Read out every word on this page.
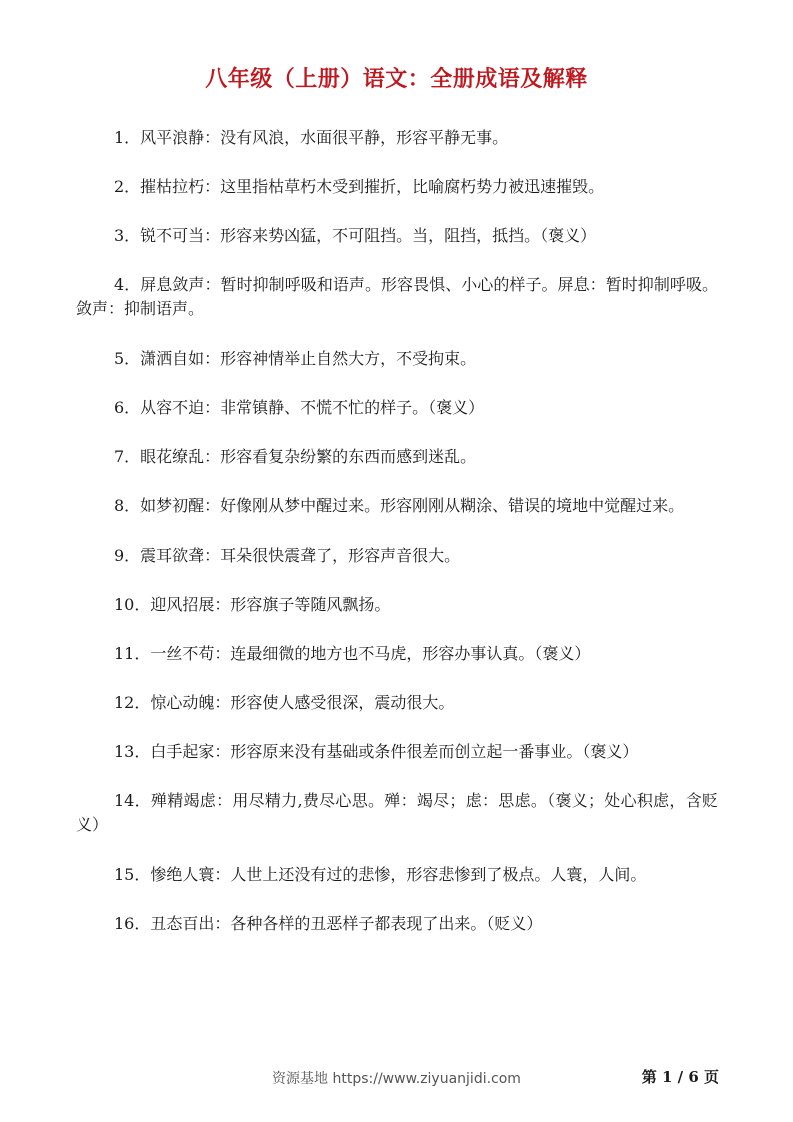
八年级（上册）语文：全册成语及解释

1．风平浪静：没有风浪，水面很平静，形容平静无事。

2．摧枯拉朽：这里指枯草朽木受到摧折，比喻腐朽势力被迅速摧毁。

3．锐不可当：形容来势凶猛，不可阻挡。当，阻挡，抵挡。（褒义）

4．屏息敛声：暂时抑制呼吸和语声。形容畏惧、小心的样子。屏息：暂时抑制呼吸。敛声：抑制语声。

5．潇洒自如：形容神情举止自然大方，不受拘束。

6．从容不迫：非常镇静、不慌不忙的样子。（褒义）

7．眼花缭乱：形容看复杂纷繁的东西而感到迷乱。

8．如梦初醒：好像刚从梦中醒过来。形容刚刚从糊涂、错误的境地中觉醒过来。

9．震耳欲聋：耳朵很快震聋了，形容声音很大。

10．迎风招展：形容旗子等随风飘扬。

11．一丝不苟：连最细微的地方也不马虎，形容办事认真。（褒义）

12．惊心动魄：形容使人感受很深，震动很大。

13．白手起家：形容原来没有基础或条件很差而创立起一番事业。（褒义）

14．殚精竭虑：用尽精力,费尽心思。殚：竭尽；虑：思虑。（褒义；处心积虑，含贬义）

15．惨绝人寰：人世上还没有过的悲惨，形容悲惨到了极点。人寰，人间。

16．丑态百出：各种各样的丑恶样子都表现了出来。（贬义）

资源基地 https://www.ziyuanjidi.com	第 1 / 6 页
